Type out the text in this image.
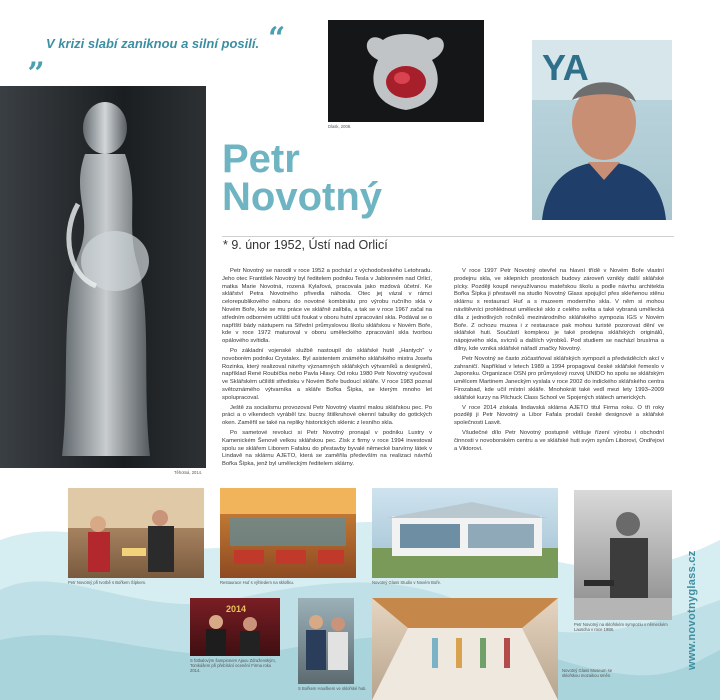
„ V krizi slabí zaniknou a silní posilí. “
Těhotná, 2014.
Dlask, 2008.
YA
Petr
Novotný
* 9. únor 1952, Ústí nad Orlicí

Petr Novotný se narodil v roce 1952 a pochází z východočeského Letohradu. Jeho otec František Novotný byl ředitelem podniku Tesla v Jablonném nad Orlicí, matka Marie Novotná, rozená Kylařová, pracovala jako mzdová účetní. Ke sklářství Petra Novotného přivedla náhoda. Otec jej vázal v rámci celorepublikového náboru do novotné kombinátu pro výrobu ručního skla v Novém Boře, kde se mu práce ve sklářně zalíbila, a tak se v roce 1967 začal na středním odborném učilišti učit foukat v oboru hutní zpracování skla. Podával se o napříští bády nástupem na Střední průmyslovou školu sklářskou v Novém Boře, kde v roce 1972 maturoval v oboru uměleckého zpracování skla tvorbou opálového svítidla.

Po základní vojenské službě nastoupil do sklářské hutě „Hantych“ v novoborém podniku Crystalex. Byl asistentem známého sklářského mistra Josefa Rozinka, který realizoval návrhy významných sklářských výtvarníků a designérů, například René Roubíčka nebo Pavla Hlavy. Od roku 1980 Petr Novotný vyučoval ve Sklářském učilišti středisku v Novém Boře budoucí skláře. V roce 1983 poznal světoznámého výtvarníka a skláře Bořka Šípka, se kterým mnoho let spolupracoval.

Ještě za socialismu provozoval Petr Novotný vlastní malou sklářskou pec. Po práci a o víkendech vyráběl tzv. bucny štiilkruhové okenní tabulky do gotických oken. Zaměřil se také na repliky historických sklenic z lesního skla.

Po sametové revoluci si Petr Novotný pronajal v podniku Lustry v Kamenickém Šenově velkou sklářskou pec. Získ z firmy v roce 1994 investoval spolu se sklářem Liborem Fafalou do přestavby byvalé německé barvírny látek v Lindavě na sklárnu AJETO, která se zaměřila především na realizaci návrhů Bořka Šípka, jenž byl uměleckým ředitelem sklárny.

V roce 1997 Petr Novotný otevřel na hlavní třídě v Novém Boře vlastní prodejnu skla, ve sklepních prostorách budovy zároveň vznikly další sklářské pícky. Později koupil nevyužívanou mateřskou školu a podle návrhu architekta Bořka Šípka ji přestavěl na studio Novotný Glass spojující přes skleňenou stěnu sklárnu s restaurací Huť a s muzeem moderního skla. V něm si mohou návštěvníci prohlédnout umělecké sklo z celého světa a také vybraná umělecká díla z jednotlivých ročníků mezinárodního sklářského sympozia IGS v Novém Boře. Z ochozu muzea i z restaurace pak mohou turisté pozorovat dění ve sklářské huti. Součástí komplexu je také prodejna sklářských originálů, nápojového skla, svícnů a dalších výrobků. Pod studiem se nachází brusírna a dílny, kde vzniká sklářské nářadí značky Novotný.

Petr Novotný se často zúčastňoval sklářských sympozií a předváděcích akcí v zahraničí. Například v letech 1989 a 1994 propagoval české sklářské řemeslo v Japonsku. Organizace OSN pro průmyslový rozvoj UNIDO ho spolu se sklářským umělcem Martinem Janeckým vyslala v roce 2002 do indického sklářského centra Firozabad, kde učil místní skláře. Mnohokrát také vedl mezi lety 1993–2009 sklářské kurzy na Pilchuck Class School ve Spojených státech amerických.

V roce 2014 získala lindavská sklárna AJETO titul Firma roku. O tři roky později ji Petr Novotný a Libor Fafala prodali české designové a sklářské společnosti Lasvit.

Všudečné dílo Petr Novotný postupně většuje řízení výrobu i obchodní činnosti v novoborském centru a ve sklářské huti svým synům Liborovi, Ondřejovi a Viktorovi.

www.novotnyglass.cz
Petr Novotný při tvorbě s Bořkem Šípkem.	Restaurace Huť s výhledem na sklošku.	Novotný Glass Studio v Novém Boře.
Petr Novotný na sklořském sympoziu v německém Lauscha v roce 1988.
2014
S fotbalovým šampionem Ajaxu Zdraženským, Tomkášem při přebírání ocenění Firma roku 2014.
S Bořkem Houškem ve sklořské huti.
Novotný Glass Museum se sklořskou mozaikou směn.
